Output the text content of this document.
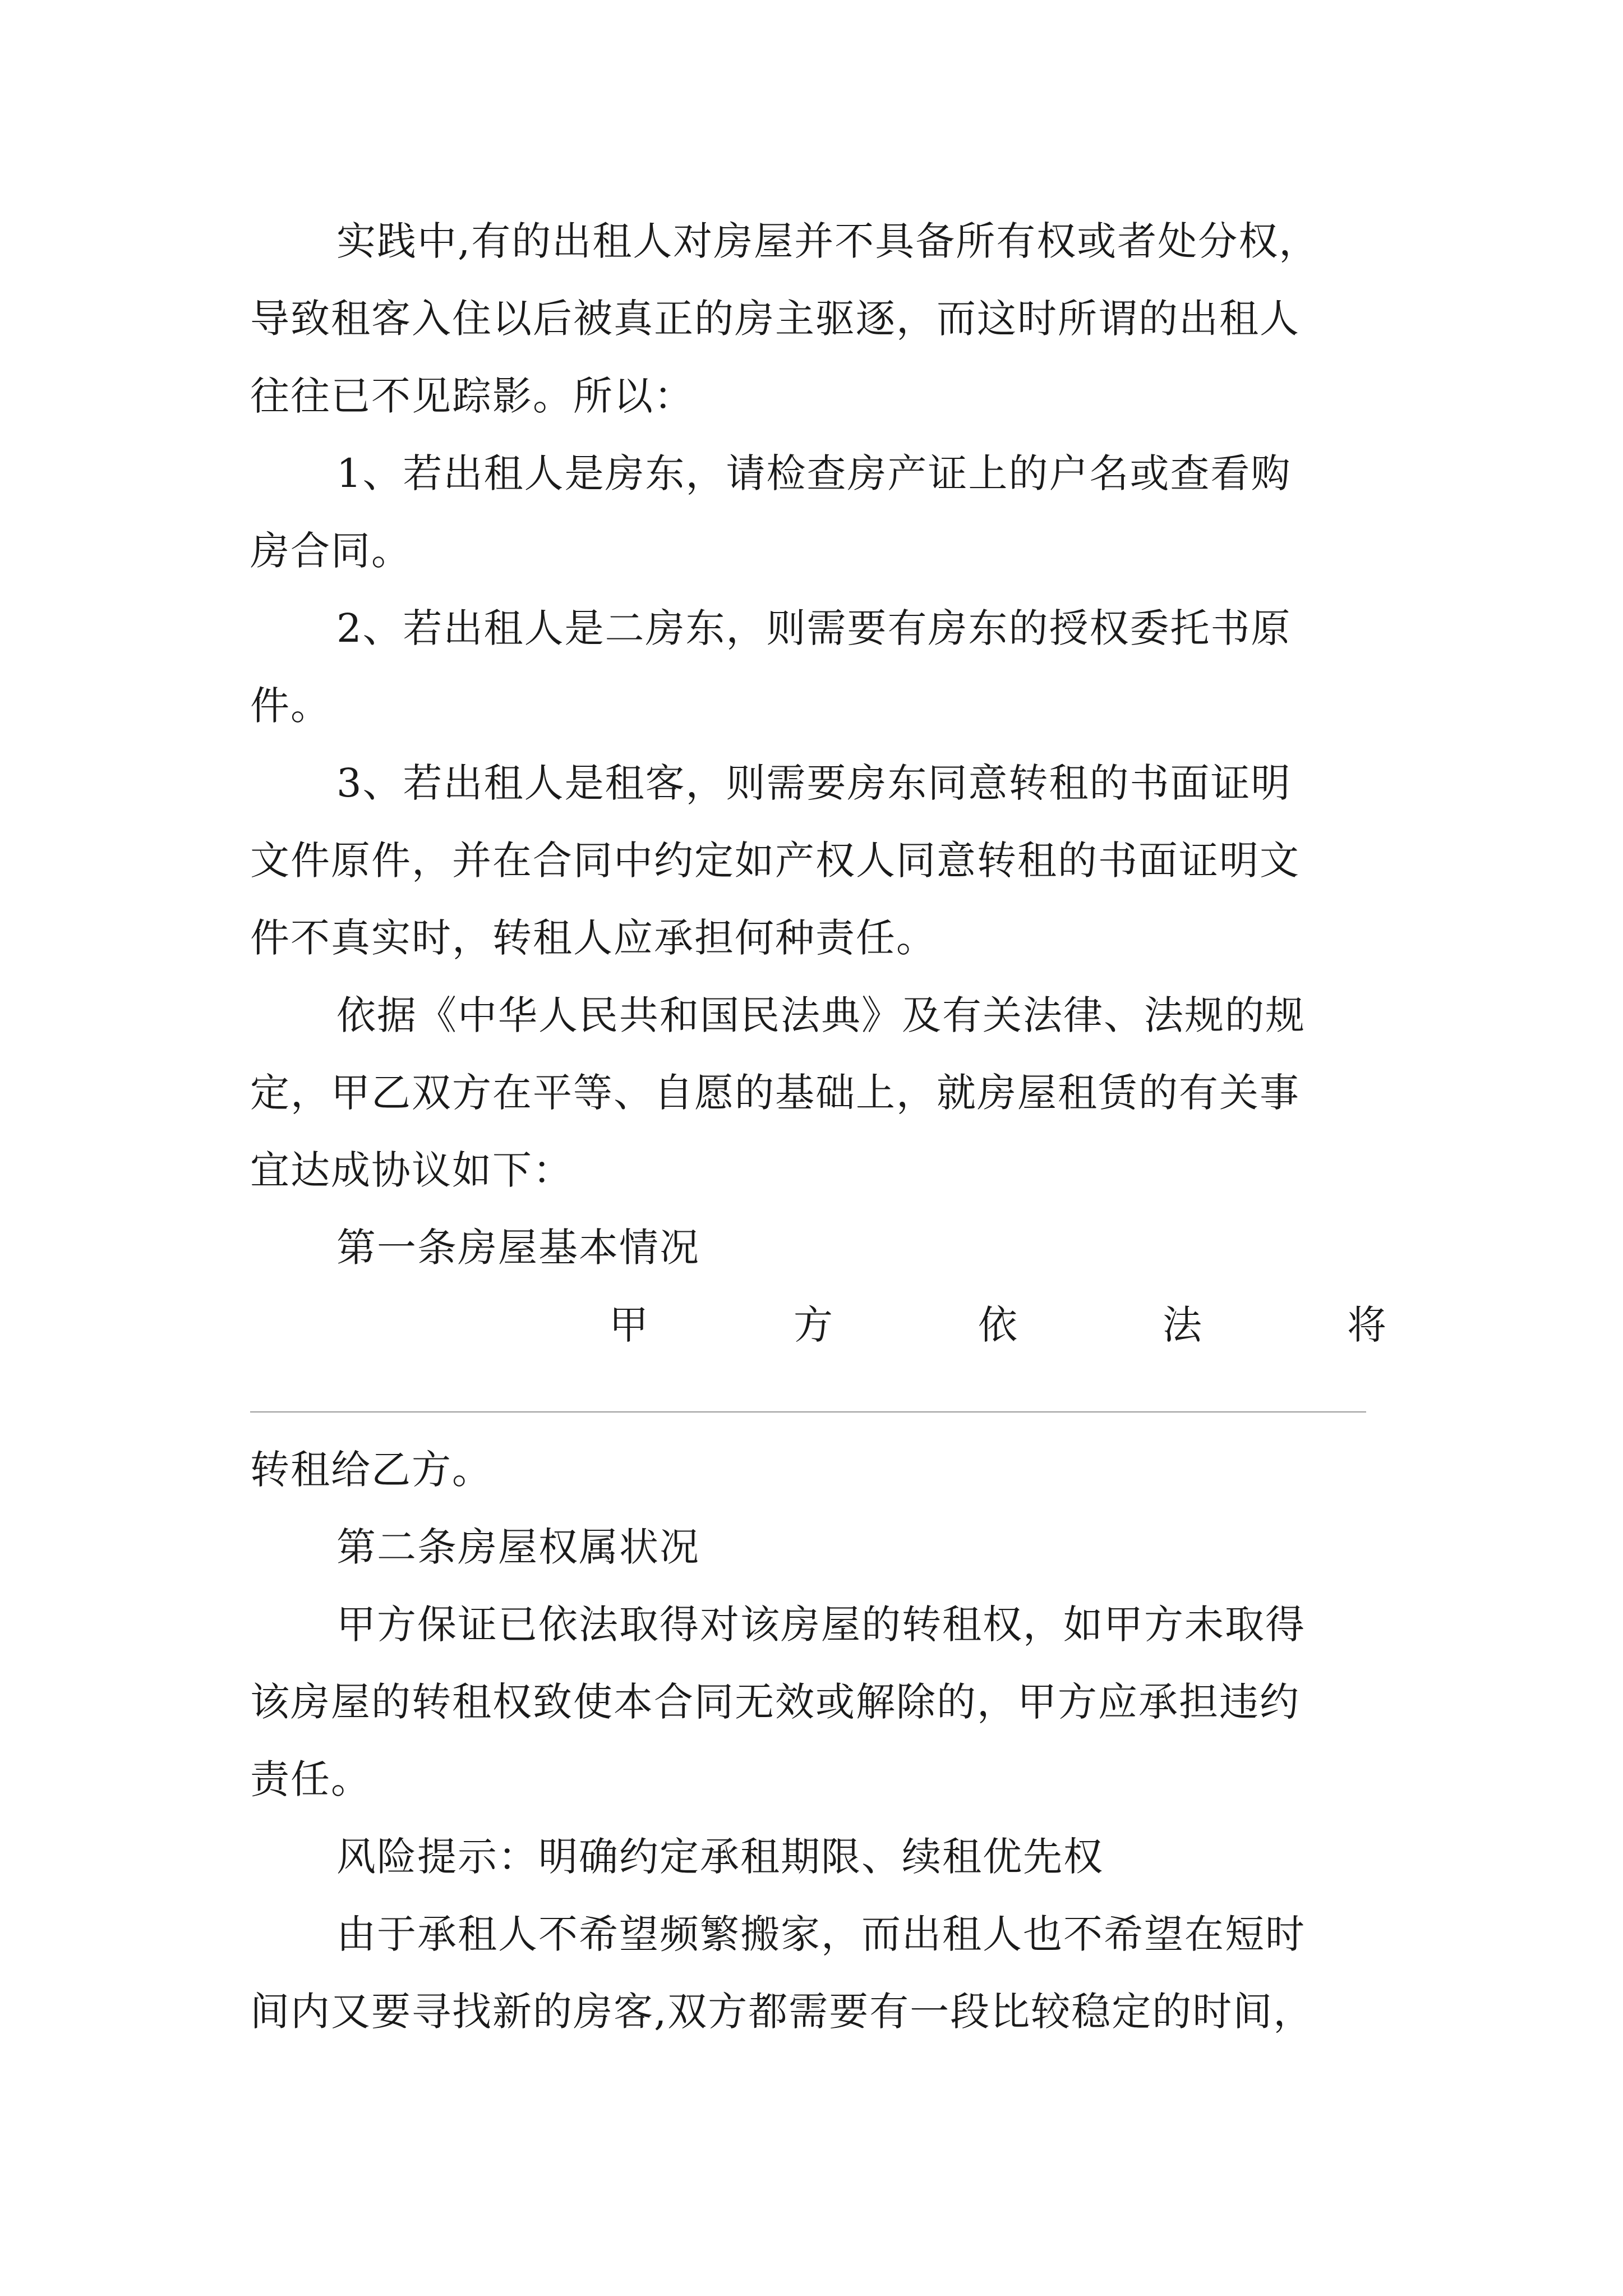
实践中,有的出租人对房屋并不具备所有权或者处分权，
导致租客入住以后被真正的房主驱逐，而这时所谓的出租人
往往已不见踪影。所以：
1、若出租人是房东，请检查房产证上的户名或查看购
房合同。
2、若出租人是二房东，则需要有房东的授权委托书原
件。
3、若出租人是租客，则需要房东同意转租的书面证明
文件原件，并在合同中约定如产权人同意转租的书面证明文
件不真实时，转租人应承担何种责任。
依据《中华人民共和国民法典》及有关法律、法规的规
定，甲乙双方在平等、自愿的基础上，就房屋租赁的有关事
宜达成协议如下：
第一条房屋基本情况
甲	方	依	法	将
转租给乙方。
第二条房屋权属状况
甲方保证已依法取得对该房屋的转租权，如甲方未取得
该房屋的转租权致使本合同无效或解除的，甲方应承担违约
责任。
风险提示：明确约定承租期限、续租优先权
由于承租人不希望频繁搬家，而出租人也不希望在短时
间内又要寻找新的房客,双方都需要有一段比较稳定的时间，
